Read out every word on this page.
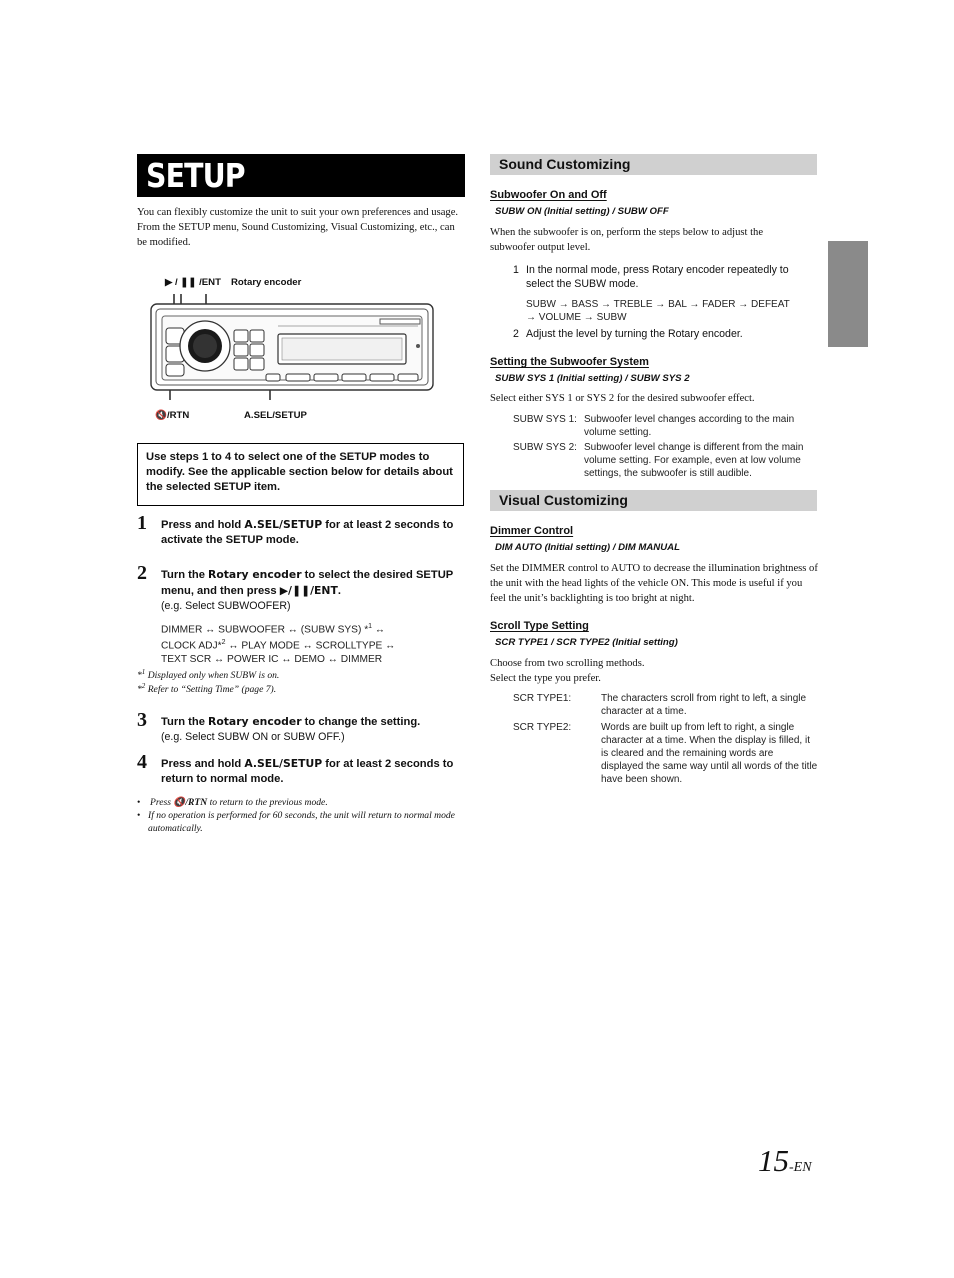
SETUP
You can flexibly customize the unit to suit your own preferences and usage. From the SETUP menu, Sound Customizing, Visual Customizing, etc., can be modified.
▶ / ❚❚ /ENT Rotary encoder
🔇/RTN	A.SEL/SETUP
Use steps 1 to 4 to select one of the SETUP modes to modify. See the applicable section below for details about the selected SETUP item.
1 Press and hold A.SEL/SETUP for at least 2 seconds to activate the SETUP mode.
2 Turn the Rotary encoder to select the desired SETUP menu, and then press ▶/❚❚/ENT.
(e.g. Select SUBWOOFER)
DIMMER ↔ SUBWOOFER ↔ (SUBW SYS) *$^1$ ↔
CLOCK ADJ*$^2$ ↔ PLAY MODE ↔ SCROLLTYPE ↔
TEXT SCR ↔ POWER IC ↔ DEMO ↔ DIMMER
*$^1$ Displayed only when SUBW is on.
*$^2$ Refer to “Setting Time” (page 7).
3 Turn the Rotary encoder to change the setting.
(e.g. Select SUBW ON or SUBW OFF.)
4 Press and hold A.SEL/SETUP for at least 2 seconds to return to normal mode.
•	Press 🔇/RTN to return to the previous mode.
• If no operation is performed for 60 seconds, the unit will return to normal mode automatically.
Sound Customizing
Subwoofer On and Off
SUBW ON (Initial setting) / SUBW OFF
When the subwoofer is on, perform the steps below to adjust the subwoofer output level.
1 In the normal mode, press Rotary encoder repeatedly to select the SUBW mode.
SUBW → BASS → TREBLE → BAL → FADER → DEFEAT
→ VOLUME → SUBW
2 Adjust the level by turning the Rotary encoder.
Setting the Subwoofer System
SUBW SYS 1 (Initial setting) / SUBW SYS 2
Select either SYS 1 or SYS 2 for the desired subwoofer effect.
SUBW SYS 1: Subwoofer level changes according to the main volume setting.
SUBW SYS 2: Subwoofer level change is different from the main volume setting. For example, even at low volume settings, the subwoofer is still audible.
Visual Customizing
Dimmer Control
DIM AUTO (Initial setting) / DIM MANUAL
Set the DIMMER control to AUTO to decrease the illumination brightness of the unit with the head lights of the vehicle ON. This mode is useful if you feel the unit’s backlighting is too bright at night.
Scroll Type Setting
SCR TYPE1 / SCR TYPE2 (Initial setting)
Choose from two scrolling methods.
Select the type you prefer.
SCR TYPE1:	The characters scroll from right to left, a single character at a time.
SCR TYPE2:	Words are built up from left to right, a single character at a time. When the display is filled, it is cleared and the remaining words are displayed the same way until all words of the title have been shown.
15-EN
